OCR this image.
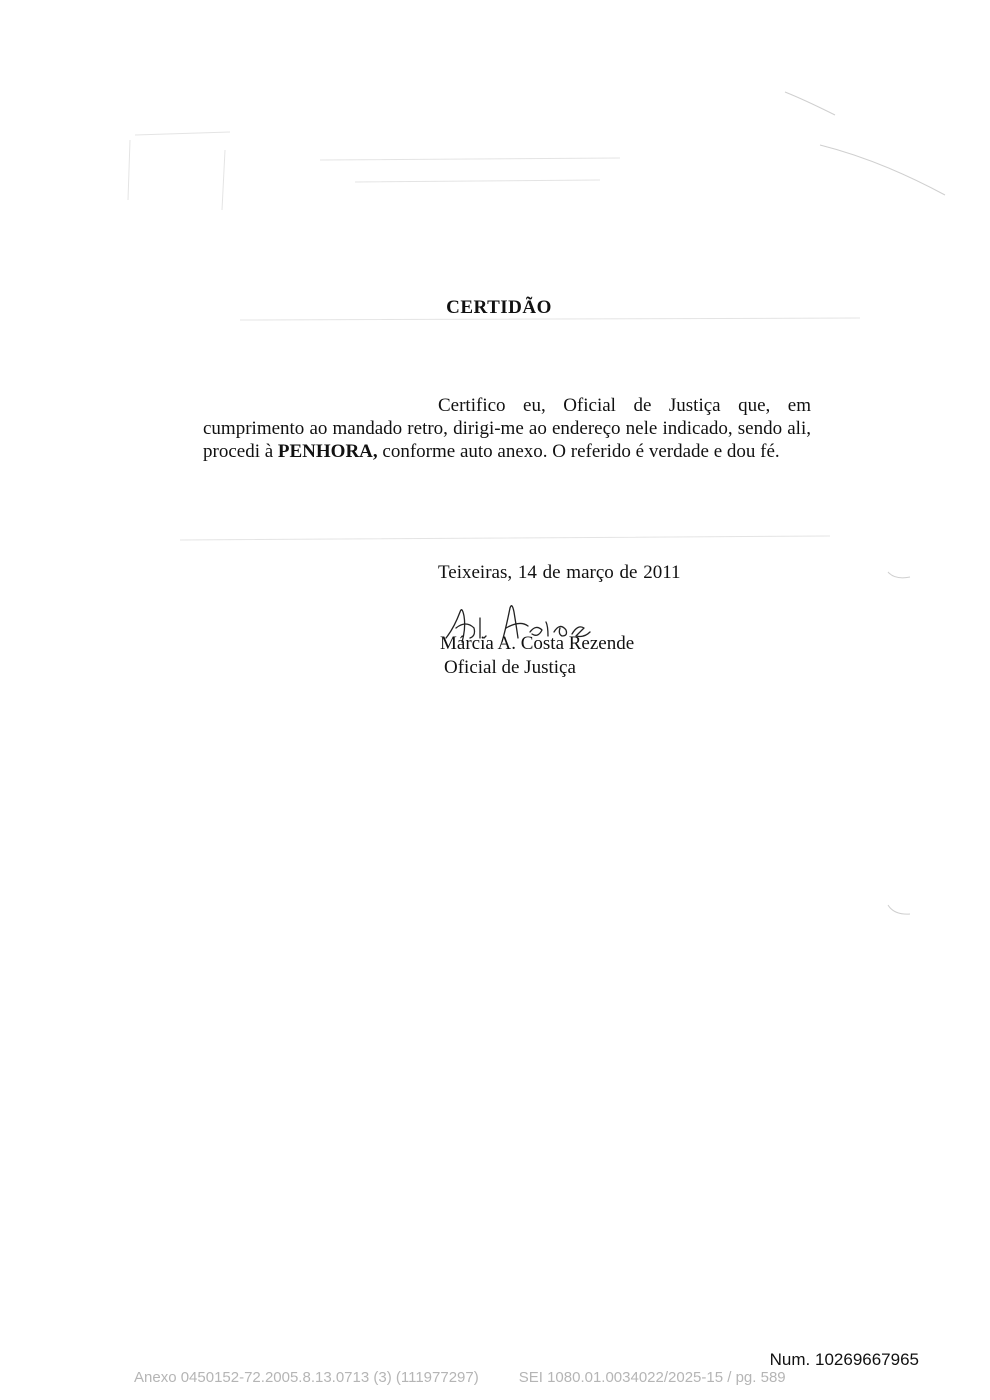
CERTIDÃO

Certifico eu, Oficial de Justiça que, em cumprimento ao mandado retro, dirigi-me ao endereço nele indicado, sendo ali, procedi à PENHORA, conforme auto anexo. O referido é verdade e dou fé.

Teixeiras, 14 de março de 2011
Márcia A. Costa Rezende
Oficial de Justiça
Num. 10269667965
Anexo 0450152-72.2005.8.13.0713 (3) (111977297)	SEI 1080.01.0034022/2025-15 / pg. 589
